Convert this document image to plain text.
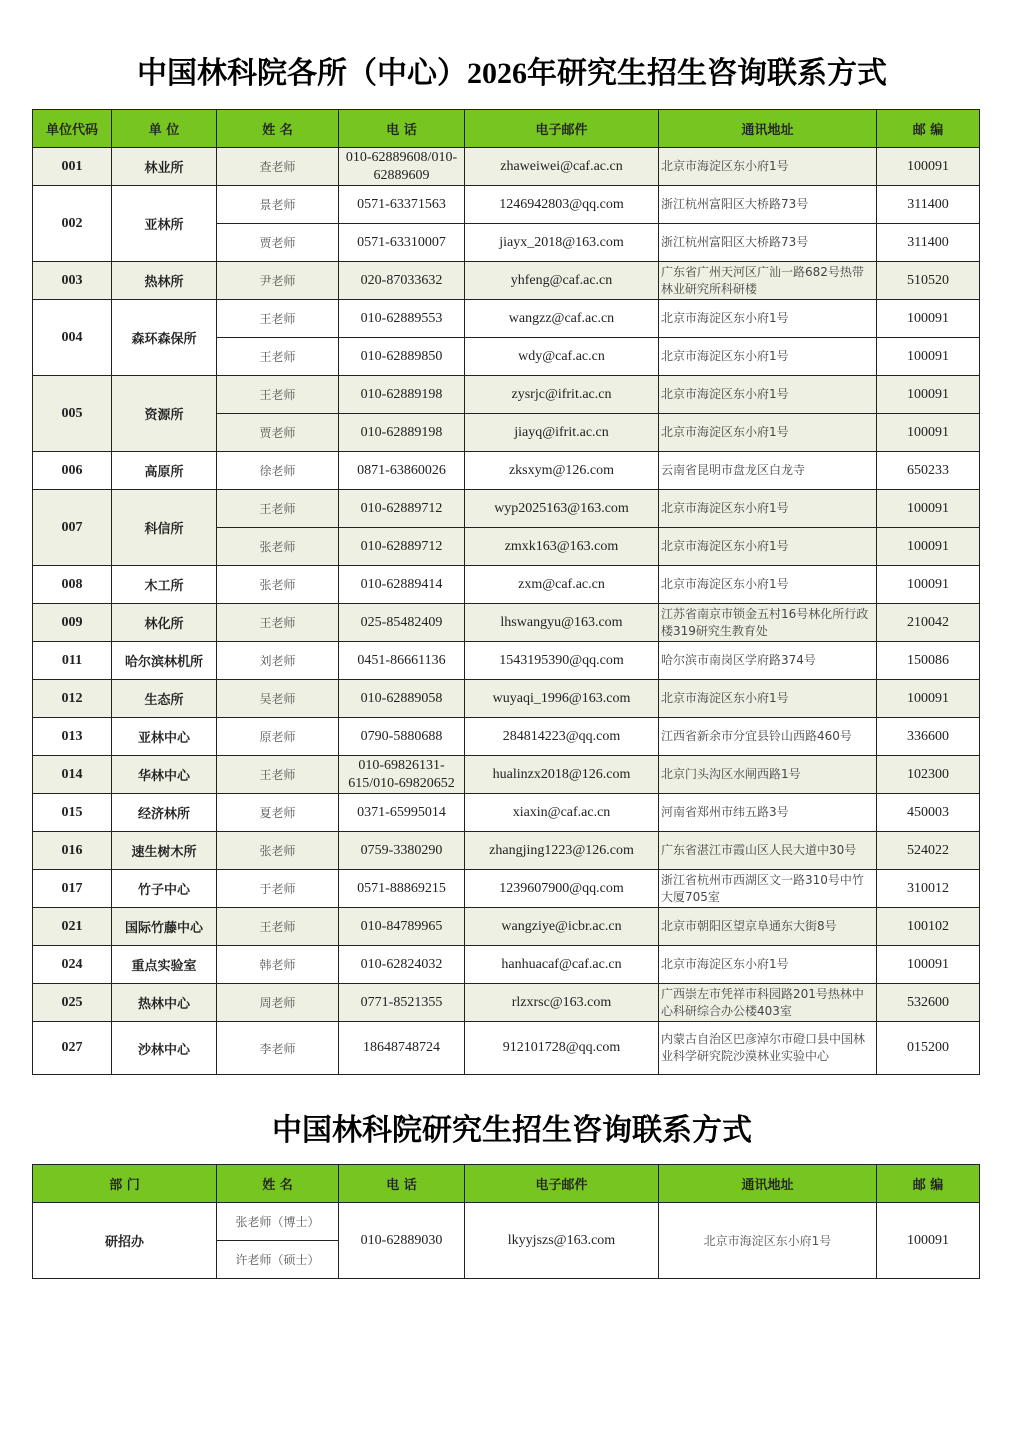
中国林科院各所（中心）2026年研究生招生咨询联系方式
单位代码	单 位	姓 名	电 话	电子邮件	通讯地址	邮 编
001	林业所	查老师	010-62889608/010-62889609	zhaweiwei@caf.ac.cn	北京市海淀区东小府1号	100091
002	亚林所	景老师	0571-63371563	1246942803@qq.com	浙江杭州富阳区大桥路73号	311400
		贾老师	0571-63310007	jiayx_2018@163.com	浙江杭州富阳区大桥路73号	311400
003	热林所	尹老师	020-87033632	yhfeng@caf.ac.cn	广东省广州天河区广汕一路682号热带林业研究所科研楼	510520
004	森环森保所	王老师	010-62889553	wangzz@caf.ac.cn	北京市海淀区东小府1号	100091
		王老师	010-62889850	wdy@caf.ac.cn	北京市海淀区东小府1号	100091
005	资源所	王老师	010-62889198	zysrjc@ifrit.ac.cn	北京市海淀区东小府1号	100091
		贾老师	010-62889198	jiayq@ifrit.ac.cn	北京市海淀区东小府1号	100091
006	高原所	徐老师	0871-63860026	zksxym@126.com	云南省昆明市盘龙区白龙寺	650233
007	科信所	王老师	010-62889712	wyp2025163@163.com	北京市海淀区东小府1号	100091
		张老师	010-62889712	zmxk163@163.com	北京市海淀区东小府1号	100091
008	木工所	张老师	010-62889414	zxm@caf.ac.cn	北京市海淀区东小府1号	100091
009	林化所	王老师	025-85482409	lhswangyu@163.com	江苏省南京市锁金五村16号林化所行政楼319研究生教育处	210042
011	哈尔滨林机所	刘老师	0451-86661136	1543195390@qq.com	哈尔滨市南岗区学府路374号	150086
012	生态所	吴老师	010-62889058	wuyaqi_1996@163.com	北京市海淀区东小府1号	100091
013	亚林中心	原老师	0790-5880688	284814223@qq.com	江西省新余市分宜县铃山西路460号	336600
014	华林中心	王老师	010-69826131-615/010-69820652	hualinzx2018@126.com	北京门头沟区水闸西路1号	102300
015	经济林所	夏老师	0371-65995014	xiaxin@caf.ac.cn	河南省郑州市纬五路3号	450003
016	速生树木所	张老师	0759-3380290	zhangjing1223@126.com	广东省湛江市霞山区人民大道中30号	524022
017	竹子中心	于老师	0571-88869215	1239607900@qq.com	浙江省杭州市西湖区文一路310号中竹大厦705室	310012
021	国际竹藤中心	王老师	010-84789965	wangziye@icbr.ac.cn	北京市朝阳区望京阜通东大街8号	100102
024	重点实验室	韩老师	010-62824032	hanhuacaf@caf.ac.cn	北京市海淀区东小府1号	100091
025	热林中心	周老师	0771-8521355	rlzxrsc@163.com	广西崇左市凭祥市科园路201号热林中心科研综合办公楼403室	532600
027	沙林中心	李老师	18648748724	912101728@qq.com	内蒙古自治区巴彦淖尔市磴口县中国林业科学研究院沙漠林业实验中心	015200
中国林科院研究生招生咨询联系方式
部 门	姓 名	电 话	电子邮件	通讯地址	邮 编
研招办	张老师（博士）	010-62889030	lkyyjszs@163.com	北京市海淀区东小府1号	100091
	许老师（硕士）				
